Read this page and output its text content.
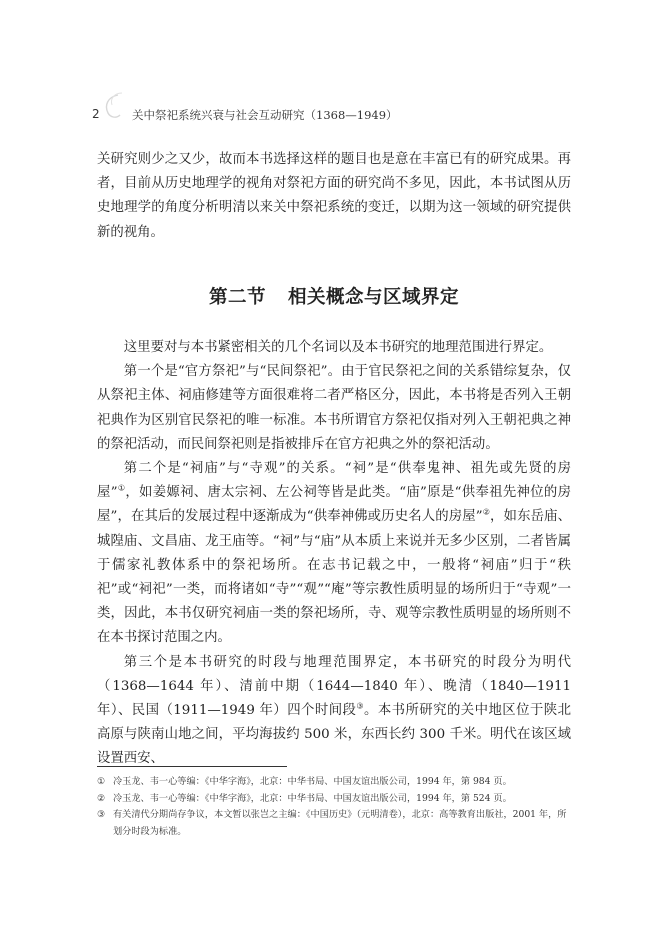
2	关中祭祀系统兴衰与社会互动研究（1368—1949）

关研究则少之又少，故而本书选择这样的题目也是意在丰富已有的研究成果。再者，目前从历史地理学的视角对祭祀方面的研究尚不多见，因此，本书试图从历史地理学的角度分析明清以来关中祭祀系统的变迁，以期为这一领域的研究提供新的视角。

第二节 相关概念与区域界定

这里要对与本书紧密相关的几个名词以及本书研究的地理范围进行界定。

第一个是“官方祭祀”与“民间祭祀”。由于官民祭祀之间的关系错综复杂，仅从祭祀主体、祠庙修建等方面很难将二者严格区分，因此，本书将是否列入王朝祀典作为区别官民祭祀的唯一标准。本书所谓官方祭祀仅指对列入王朝祀典之神的祭祀活动，而民间祭祀则是指被排斥在官方祀典之外的祭祀活动。

第二个是“祠庙”与“寺观”的关系。“祠”是“供奉鬼神、祖先或先贤的房屋”①，如姜嫄祠、唐太宗祠、左公祠等皆是此类。“庙”原是“供奉祖先神位的房屋”，在其后的发展过程中逐渐成为“供奉神佛或历史名人的房屋”②，如东岳庙、城隍庙、文昌庙、龙王庙等。“祠”与“庙”从本质上来说并无多少区别，二者皆属于儒家礼教体系中的祭祀场所。在志书记载之中，一般将“祠庙”归于“秩祀”或“祠祀”一类，而将诸如“寺”“观”“庵”等宗教性质明显的场所归于“寺观”一类，因此，本书仅研究祠庙一类的祭祀场所，寺、观等宗教性质明显的场所则不在本书探讨范围之内。

第三个是本书研究的时段与地理范围界定，本书研究的时段分为明代（1368—1644 年）、清前中期（1644—1840 年）、晚清（1840—1911 年）、民国（1911—1949 年）四个时间段③。本书所研究的关中地区位于陕北高原与陕南山地之间，平均海拔约 500 米，东西长约 300 千米。明代在该区域设置西安、

① 冷玉龙、韦一心等编：《中华字海》，北京：中华书局、中国友谊出版公司，1994 年，第 984 页。
② 冷玉龙、韦一心等编：《中华字海》，北京：中华书局、中国友谊出版公司，1994 年，第 524 页。
③ 有关清代分期尚存争议，本文暂以张岂之主编：《中国历史》（元明清卷），北京：高等教育出版社，2001 年，所划分时段为标准。
